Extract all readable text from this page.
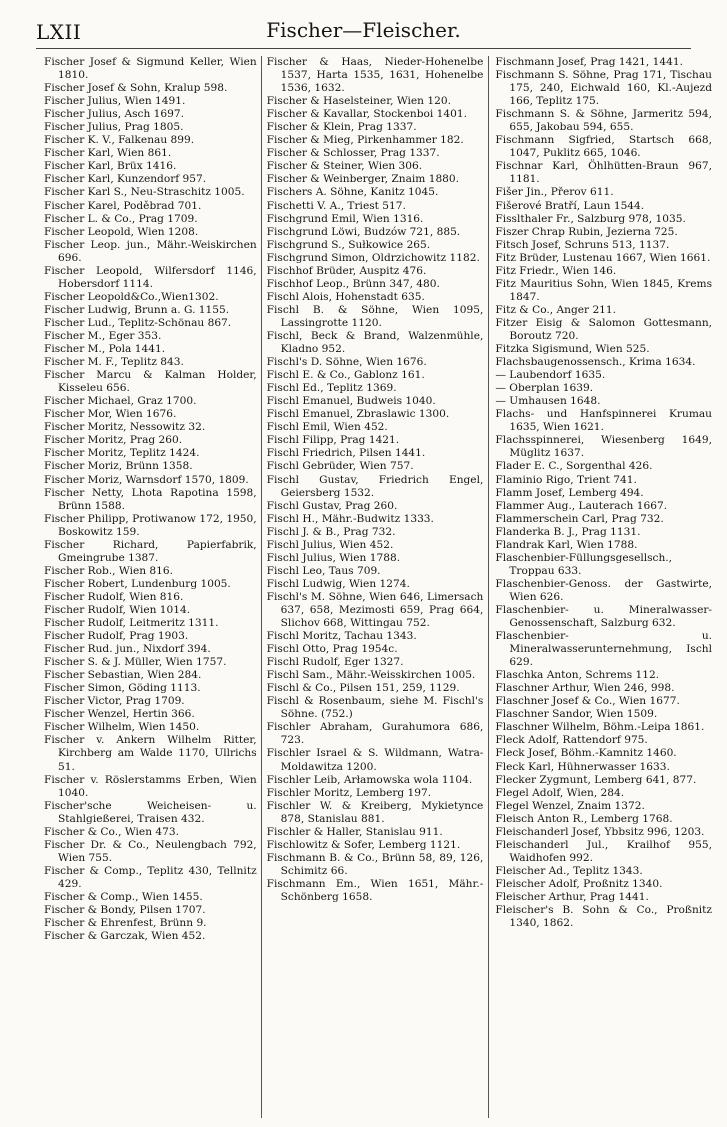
LXII	Fischer—Fleischer.
Fischer Josef & Sigmund Keller, Wien 1810.
Fischer Josef & Sohn, Kralup 598.
Fischer Julius, Wien 1491.
Fischer Julius, Asch 1697.
Fischer Julius, Prag 1805.
Fischer K. V., Falkenau 899.
Fischer Karl, Wien 861.
Fischer Karl, Brüx 1416.
Fischer Karl, Kunzendorf 957.
Fischer Karl S., Neu-Straschitz 1005.
Fischer Karel, Poděbrad 701.
Fischer L. & Co., Prag 1709.
Fischer Leopold, Wien 1208.
Fischer Leop. jun., Mähr.-Weiskirchen 696.
Fischer Leopold, Wilfersdorf 1146, Hobersdorf 1114.
Fischer Leopold&Co.,Wien1302.
Fischer Ludwig, Brunn a. G. 1155.
Fischer Lud., Teplitz-Schönau 867.
Fischer M., Eger 353.
Fischer M., Pola 1441.
Fischer M. F., Teplitz 843.
Fischer Marcu & Kalman Holder, Kisseleu 656.
Fischer Michael, Graz 1700.
Fischer Mor, Wien 1676.
Fischer Moritz, Nessowitz 32.
Fischer Moritz, Prag 260.
Fischer Moritz, Teplitz 1424.
Fischer Moriz, Brünn 1358.
Fischer Moriz, Warnsdorf 1570, 1809.
Fischer Netty, Lhota Rapotina 1598, Brünn 1588.
Fischer Philipp, Protiwanow 172, 1950, Boskowitz 159.
Fischer Richard, Papierfabrik, Gmeingrube 1387.
Fischer Rob., Wien 816.
Fischer Robert, Lundenburg 1005.
Fischer Rudolf, Wien 816.
Fischer Rudolf, Wien 1014.
Fischer Rudolf, Leitmeritz 1311.
Fischer Rudolf, Prag 1903.
Fischer Rud. jun., Nixdorf 394.
Fischer S. & J. Müller, Wien 1757.
Fischer Sebastian, Wien 284.
Fischer Simon, Göding 1113.
Fischer Victor, Prag 1709.
Fischer Wenzel, Hertin 366.
Fischer Wilhelm, Wien 1450.
Fischer v. Ankern Wilhelm Ritter, Kirchberg am Walde 1170, Ullrichs 51.
Fischer v. Röslerstamms Erben, Wien 1040.
Fischer'sche Weicheisen- u. Stahlgießerei, Traisen 432.
Fischer & Co., Wien 473.
Fischer Dr. & Co., Neulengbach 792, Wien 755.
Fischer & Comp., Teplitz 430, Tellnitz 429.
Fischer & Comp., Wien 1455.
Fischer & Bondy, Pilsen 1707.
Fischer & Ehrenfest, Brünn 9.
Fischer & Garczak, Wien 452.
Fischer & Haas, Nieder-Hohenelbe 1537, Harta 1535, 1631, Hohenelbe 1536, 1632.
Fischer & Haselsteiner, Wien 120.
Fischer & Kavallar, Stockenboi 1401.
Fischer & Klein, Prag 1337.
Fischer & Mieg, Pirkenhammer 182.
Fischer & Schlosser, Prag 1337.
Fischer & Steiner, Wien 306.
Fischer & Weinberger, Znaim 1880.
Fischers A. Söhne, Kanitz 1045.
Fischetti V. A., Triest 517.
Fischgrund Emil, Wien 1316.
Fischgrund Löwi, Budzów 721, 885.
Fischgrund S., Sułkowice 265.
Fischgrund Simon, Oldrzichowitz 1182.
Fischhof Brüder, Auspitz 476.
Fischhof Leop., Brünn 347, 480.
Fischl Alois, Hohenstadt 635.
Fischl B. & Söhne, Wien 1095, Lassingrotte 1120.
Fischl, Beck & Brand, Walzenmühle, Kladno 952.
Fischl's D. Söhne, Wien 1676.
Fischl E. & Co., Gablonz 161.
Fischl Ed., Teplitz 1369.
Fischl Emanuel, Budweis 1040.
Fischl Emanuel, Zbraslawic 1300.
Fischl Emil, Wien 452.
Fischl Filipp, Prag 1421.
Fischl Friedrich, Pilsen 1441.
Fischl Gebrüder, Wien 757.
Fischl Gustav, Friedrich Engel, Geiersberg 1532.
Fischl Gustav, Prag 260.
Fischl H., Mähr.-Budwitz 1333.
Fischl J. & B., Prag 732.
Fischl Julius, Wien 452.
Fischl Julius, Wien 1788.
Fischl Leo, Taus 709.
Fischl Ludwig, Wien 1274.
Fischl's M. Söhne, Wien 646, Limersach 637, 658, Mezimosti 659, Prag 664, Slichov 668, Wittingau 752.
Fischl Moritz, Tachau 1343.
Fischl Otto, Prag 1954c.
Fischl Rudolf, Eger 1327.
Fischl Sam., Mähr.-Weisskirchen 1005.
Fischl & Co., Pilsen 151, 259, 1129.
Fischl & Rosenbaum, siehe M. Fischl's Söhne. (752.)
Fischler Abraham, Gurahumora 686, 723.
Fischler Israel & S. Wildmann, Watra-Moldawitza 1200.
Fischler Leib, Arłamowska wola 1104.
Fischler Moritz, Lemberg 197.
Fischler W. & Kreiberg, Mykietynce 878, Stanislau 881.
Fischler & Haller, Stanislau 911.
Fischlowitz & Sofer, Lemberg 1121.
Fischmann B. & Co., Brünn 58, 89, 126, Schimitz 66.
Fischmann Em., Wien 1651, Mähr.-Schönberg 1658.
Fischmann Josef, Prag 1421, 1441.
Fischmann S. Söhne, Prag 171, Tischau 175, 240, Eichwald 160, Kl.-Aujezd 166, Teplitz 175.
Fischmann S. & Söhne, Jarmeritz 594, 655, Jakobau 594, 655.
Fischmann Sigfried, Startsch 668, 1047, Puklitz 665, 1046.
Fischnar Karl, Öhlhütten-Braun 967, 1181.
Fišer Jin., Přerov 611.
Fišerové Bratří, Laun 1544.
Fisslthaler Fr., Salzburg 978, 1035.
Fiszer Chrap Rubin, Jezierna 725.
Fitsch Josef, Schruns 513, 1137.
Fitz Brüder, Lustenau 1667, Wien 1661.
Fitz Friedr., Wien 146.
Fitz Mauritius Sohn, Wien 1845, Krems 1847.
Fitz & Co., Anger 211.
Fitzer Eisig & Salomon Gottesmann, Boroutz 720.
Fitzka Sigismund, Wien 525.
Flachsbaugenossensch., Krima 1634.
— Laubendorf 1635.
— Oberplan 1639.
— Umhausen 1648.
Flachs- und Hanfspinnerei Krumau 1635, Wien 1621.
Flachsspinnerei, Wiesenberg 1649, Müglitz 1637.
Flader E. C., Sorgenthal 426.
Flaminio Rigo, Trient 741.
Flamm Josef, Lemberg 494.
Flammer Aug., Lauterach 1667.
Flammerschein Carl, Prag 732.
Flanderka B. J., Prag 1131.
Flandrak Karl, Wien 1788.
Flaschenbier-Füllungsgesellsch., Troppau 633.
Flaschenbier-Genoss. der Gastwirte, Wien 626.
Flaschenbier- u. Mineralwasser-Genossenschaft, Salzburg 632.
Flaschenbier- u. Mineralwasserunternehmung, Ischl 629.
Flaschka Anton, Schrems 112.
Flaschner Arthur, Wien 246, 998.
Flaschner Josef & Co., Wien 1677.
Flaschner Sandor, Wien 1509.
Flaschner Wilhelm, Böhm.-Leipa 1861.
Fleck Adolf, Rattendorf 975.
Fleck Josef, Böhm.-Kamnitz 1460.
Fleck Karl, Hühnerwasser 1633.
Flecker Zygmunt, Lemberg 641, 877.
Flegel Adolf, Wien, 284.
Flegel Wenzel, Znaim 1372.
Fleisch Anton R., Lemberg 1768.
Fleischanderl Josef, Ybbsitz 996, 1203.
Fleischanderl Jul., Krailhof 955, Waidhofen 992.
Fleischer Ad., Teplitz 1343.
Fleischer Adolf, Proßnitz 1340.
Fleischer Arthur, Prag 1441.
Fleischer's B. Sohn & Co., Proßnitz 1340, 1862.
